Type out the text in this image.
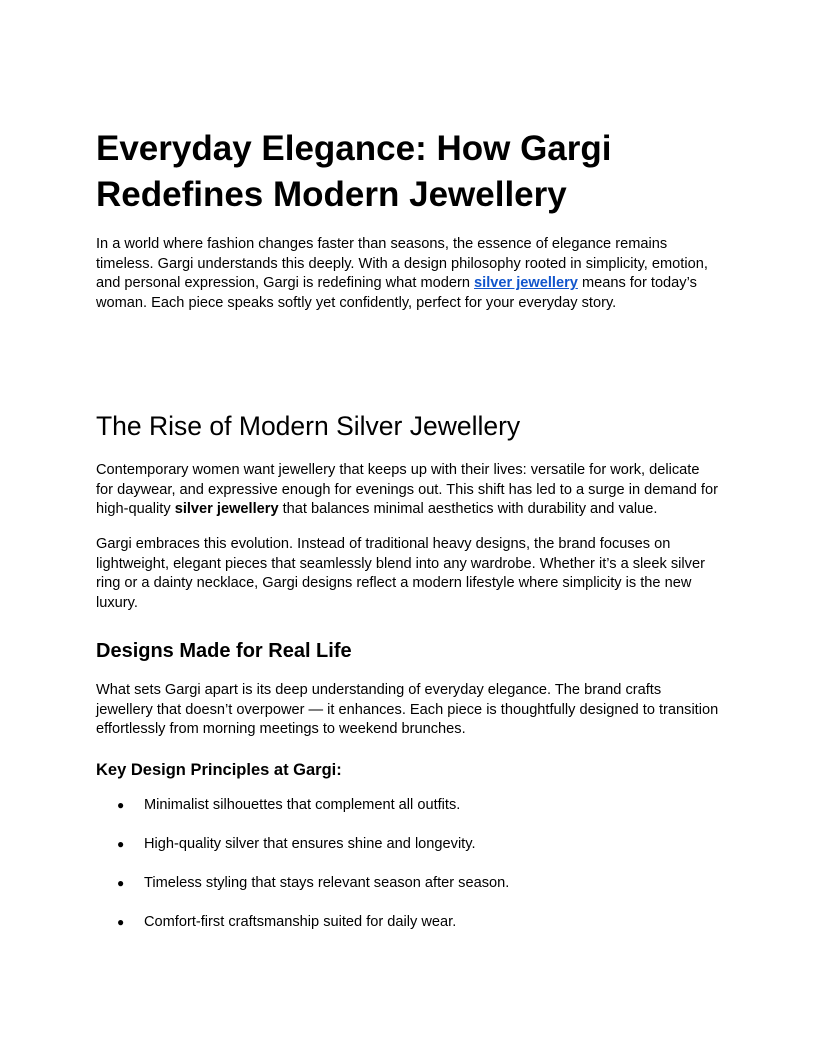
Everyday Elegance: How Gargi Redefines Modern Jewellery

In a world where fashion changes faster than seasons, the essence of elegance remains timeless. Gargi understands this deeply. With a design philosophy rooted in simplicity, emotion, and personal expression, Gargi is redefining what modern silver jewellery means for today’s woman. Each piece speaks softly yet confidently, perfect for your everyday story.

The Rise of Modern Silver Jewellery

Contemporary women want jewellery that keeps up with their lives: versatile for work, delicate for daywear, and expressive enough for evenings out. This shift has led to a surge in demand for high-quality silver jewellery that balances minimal aesthetics with durability and value.

Gargi embraces this evolution. Instead of traditional heavy designs, the brand focuses on lightweight, elegant pieces that seamlessly blend into any wardrobe. Whether it’s a sleek silver ring or a dainty necklace, Gargi designs reflect a modern lifestyle where simplicity is the new luxury.

Designs Made for Real Life

What sets Gargi apart is its deep understanding of everyday elegance. The brand crafts jewellery that doesn’t overpower — it enhances. Each piece is thoughtfully designed to transition effortlessly from morning meetings to weekend brunches.

Key Design Principles at Gargi:
● Minimalist silhouettes that complement all outfits.
● High-quality silver that ensures shine and longevity.
● Timeless styling that stays relevant season after season.
● Comfort-first craftsmanship suited for daily wear.
